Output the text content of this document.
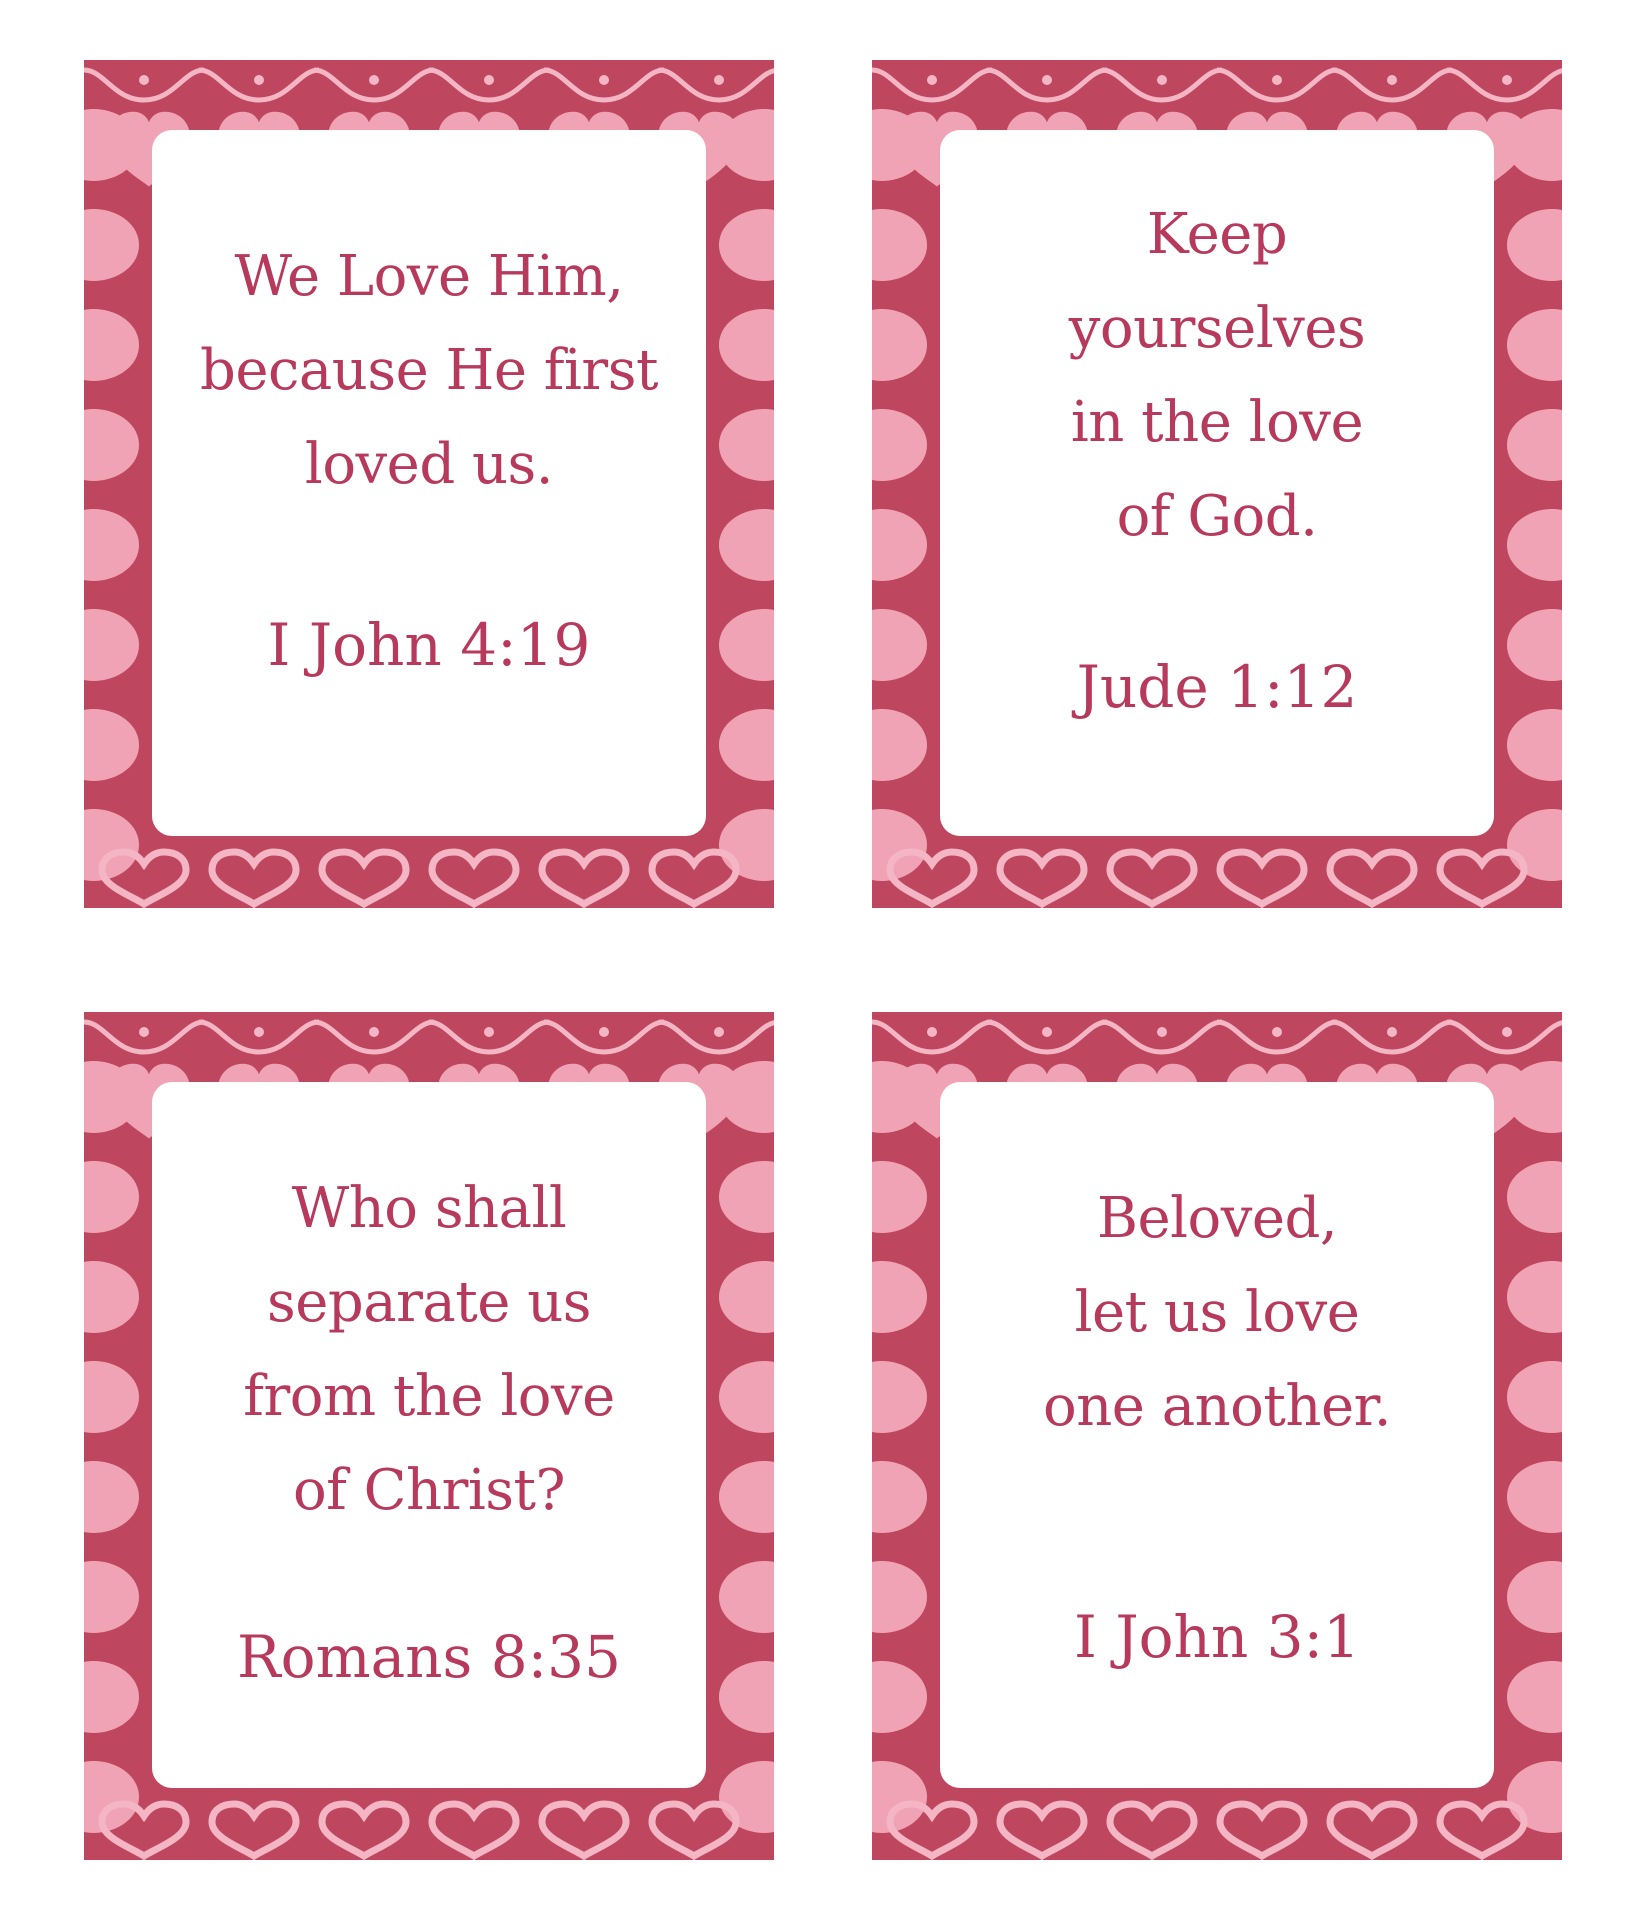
We Love Him,
because He first
loved us.
I John 4:19
Keep
yourselves
in the love
of God.
Jude 1:12
Who shall
separate us
from the love
of Christ?
Romans 8:35
Beloved,
let us love
one another.
I John 3:1
